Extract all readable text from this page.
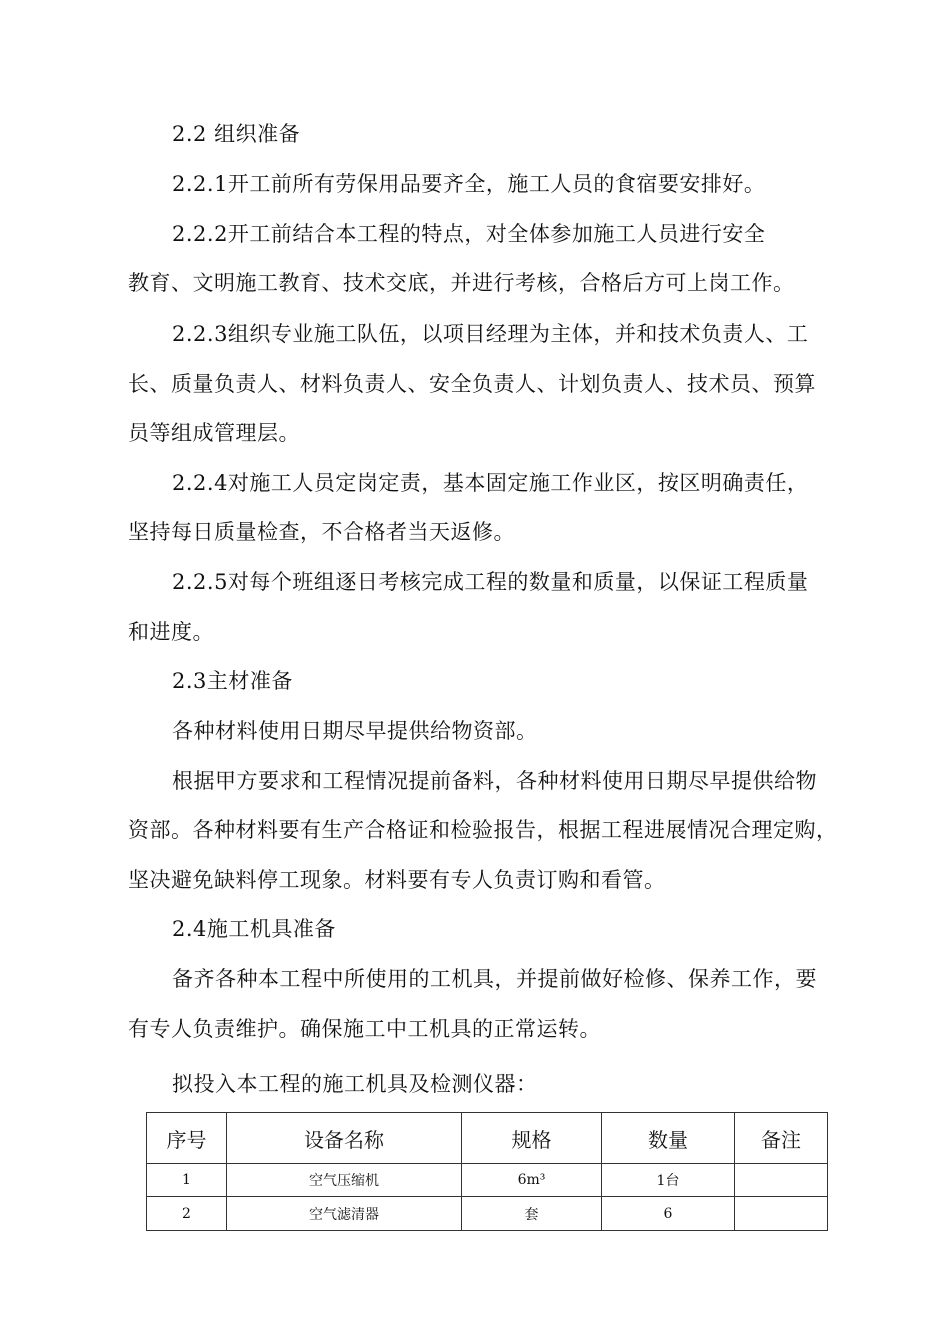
2.2 组织准备
2.2.1开工前所有劳保用品要齐全，施工人员的食宿要安排好。
2.2.2开工前结合本工程的特点，对全体参加施工人员进行安全
教育、文明施工教育、技术交底，并进行考核，合格后方可上岗工作。
2.2.3组织专业施工队伍，以项目经理为主体，并和技术负责人、工
长、质量负责人、材料负责人、安全负责人、计划负责人、技术员、预算
员等组成管理层。
2.2.4对施工人员定岗定责，基本固定施工作业区，按区明确责任，
坚持每日质量检查，不合格者当天返修。
2.2.5对每个班组逐日考核完成工程的数量和质量，以保证工程质量
和进度。
2.3主材准备
各种材料使用日期尽早提供给物资部。
根据甲方要求和工程情况提前备料，各种材料使用日期尽早提供给物
资部。各种材料要有生产合格证和检验报告，根据工程进展情况合理定购，
坚决避免缺料停工现象。材料要有专人负责订购和看管。
2.4施工机具准备
备齐各种本工程中所使用的工机具，并提前做好检修、保养工作，要
有专人负责维护。确保施工中工机具的正常运转。
拟投入本工程的施工机具及检测仪器：
序号	设备名称	规格	数量	备注
1	空气压缩机	6m³	1台	
2	空气滤清器	套	6	
